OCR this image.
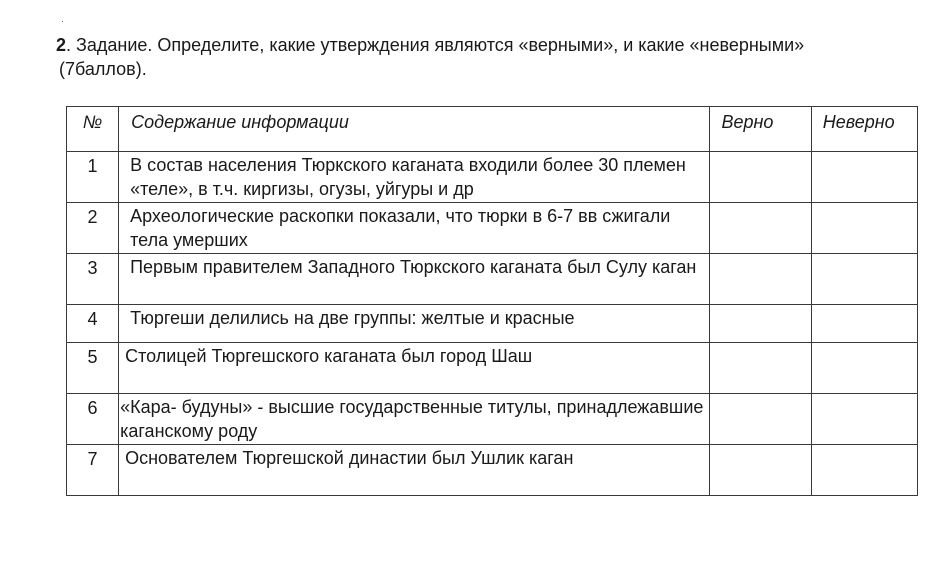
.
2. Задание. Определите, какие утверждения являются «верными», и какие «неверными»
(7баллов).
№	Содержание информации	Верно	Неверно
1	В состав населения Тюркского каганата входили более 30 племен «теле», в т.ч. киргизы, огузы, уйгуры и др		
2	Археологические раскопки показали, что тюрки в 6-7 вв сжигали тела умерших		
3	Первым правителем Западного Тюркского каганата был Сулу каган		
4	Тюргеши делились на две группы: желтые и красные		
5	Столицей Тюргешского каганата был город Шаш		
6	«Кара- будуны» - высшие государственные титулы, принадлежавшие каганскому роду		
7	Основателем Тюргешской династии был Ушлик каган		
